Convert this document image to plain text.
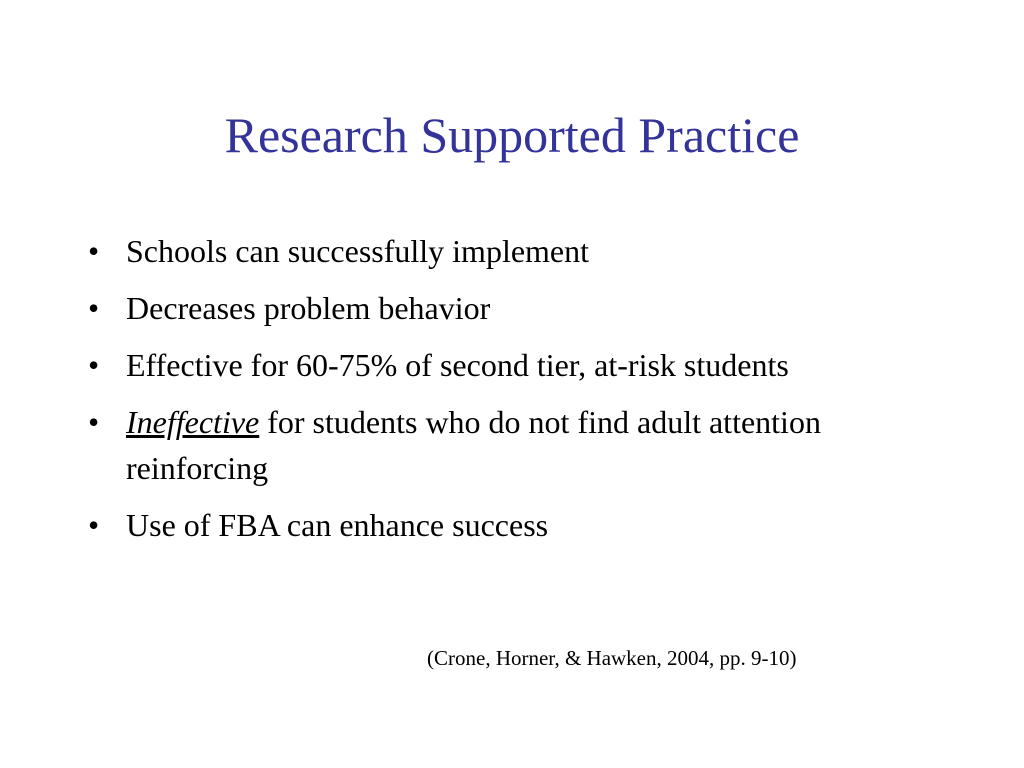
Research Supported Practice
• Schools can successfully implement
• Decreases problem behavior
• Effective for 60-75% of second tier, at-risk students
• Ineffective for students who do not find adult attention reinforcing
• Use of FBA can enhance success
(Crone, Horner, & Hawken, 2004, pp. 9-10)
